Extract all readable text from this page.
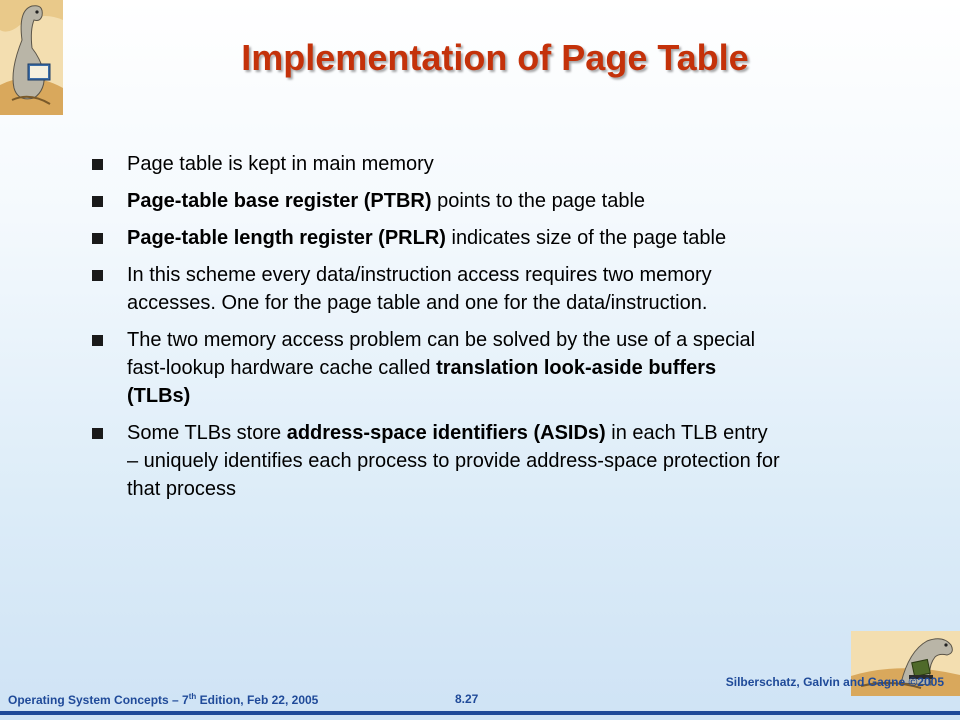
Implementation of Page Table
Page table is kept in main memory
Page-table base register (PTBR) points to the page table
Page-table length register (PRLR) indicates size of the page table
In this scheme every data/instruction access requires two memory accesses. One for the page table and one for the data/instruction.
The two memory access problem can be solved by the use of a special fast-lookup hardware cache called translation look-aside buffers (TLBs)
Some TLBs store address-space identifiers (ASIDs) in each TLB entry – uniquely identifies each process to provide address-space protection for that process
Silberschatz, Galvin and Gagne ©2005
Operating System Concepts – 7th Edition, Feb 22, 2005	8.27
